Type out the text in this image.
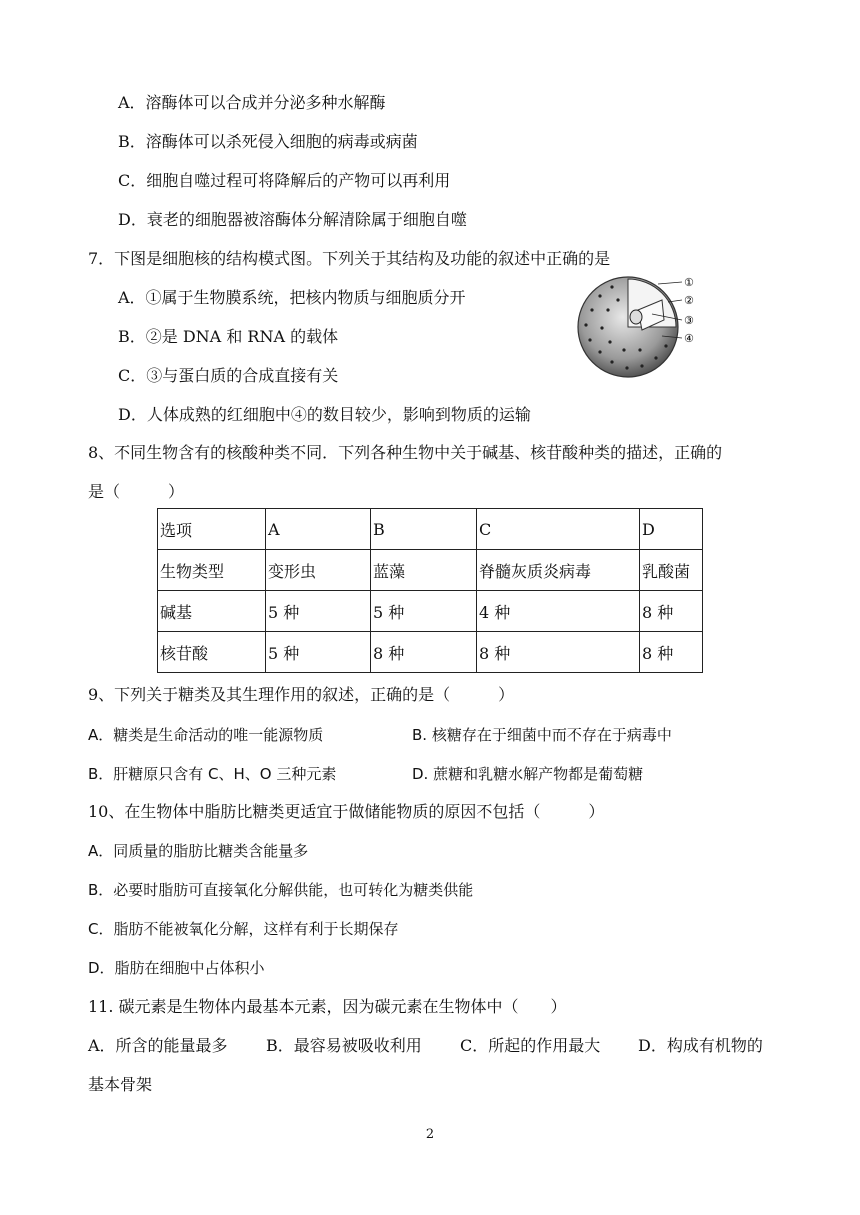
A．溶酶体可以合成并分泌多种水解酶
B．溶酶体可以杀死侵入细胞的病毒或病菌
C．细胞自噬过程可将降解后的产物可以再利用
D．衰老的细胞器被溶酶体分解清除属于细胞自噬
7．下图是细胞核的结构模式图。下列关于其结构及功能的叙述中正确的是
A．①属于生物膜系统，把核内物质与细胞质分开
B．②是 DNA 和 RNA 的载体
C．③与蛋白质的合成直接有关
D．人体成熟的红细胞中④的数目较少，影响到物质的运输
①
②
③
④
8、不同生物含有的核酸种类不同．下列各种生物中关于碱基、核苷酸种类的描述，正确的
是（　　　）
选项	A	B	C	D
生物类型	变形虫	蓝藻	脊髓灰质炎病毒	乳酸菌
碱基	5 种	5 种	4 种	8 种
核苷酸	5 种	8 种	8 种	8 种
9、下列关于糖类及其生理作用的叙述，正确的是（　　　）
A．糖类是生命活动的唯一能源物质	B. 核糖存在于细菌中而不存在于病毒中
B．肝糖原只含有 C、H、O 三种元素	D. 蔗糖和乳糖水解产物都是葡萄糖
10、在生物体中脂肪比糖类更适宜于做储能物质的原因不包括（　　　）
A．同质量的脂肪比糖类含能量多
B．必要时脂肪可直接氧化分解供能，也可转化为糖类供能
C．脂肪不能被氧化分解，这样有利于长期保存
D．脂肪在细胞中占体积小
11. 碳元素是生物体内最基本元素，因为碳元素在生物体中（　　）
A．所含的能量最多 B．最容易被吸收利用 C．所起的作用最大 D．构成有机物的
基本骨架
2
